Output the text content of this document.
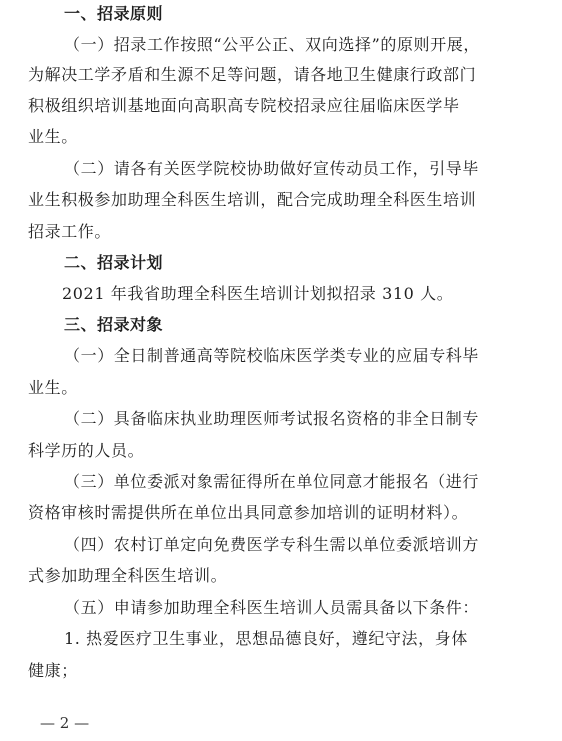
一、招录原则
（一）招录工作按照“公平公正、双向选择”的原则开展，
为解决工学矛盾和生源不足等问题，请各地卫生健康行政部门
积极组织培训基地面向高职高专院校招录应往届临床医学毕
业生。
（二）请各有关医学院校协助做好宣传动员工作，引导毕
业生积极参加助理全科医生培训，配合完成助理全科医生培训
招录工作。
二、招录计划
2021 年我省助理全科医生培训计划拟招录 310 人。
三、招录对象
（一）全日制普通高等院校临床医学类专业的应届专科毕
业生。
（二）具备临床执业助理医师考试报名资格的非全日制专
科学历的人员。
（三）单位委派对象需征得所在单位同意才能报名（进行
资格审核时需提供所在单位出具同意参加培训的证明材料）。
（四）农村订单定向免费医学专科生需以单位委派培训方
式参加助理全科医生培训。
（五）申请参加助理全科医生培训人员需具备以下条件：
1. 热爱医疗卫生事业，思想品德良好，遵纪守法，身体
健康；
— 2 —
